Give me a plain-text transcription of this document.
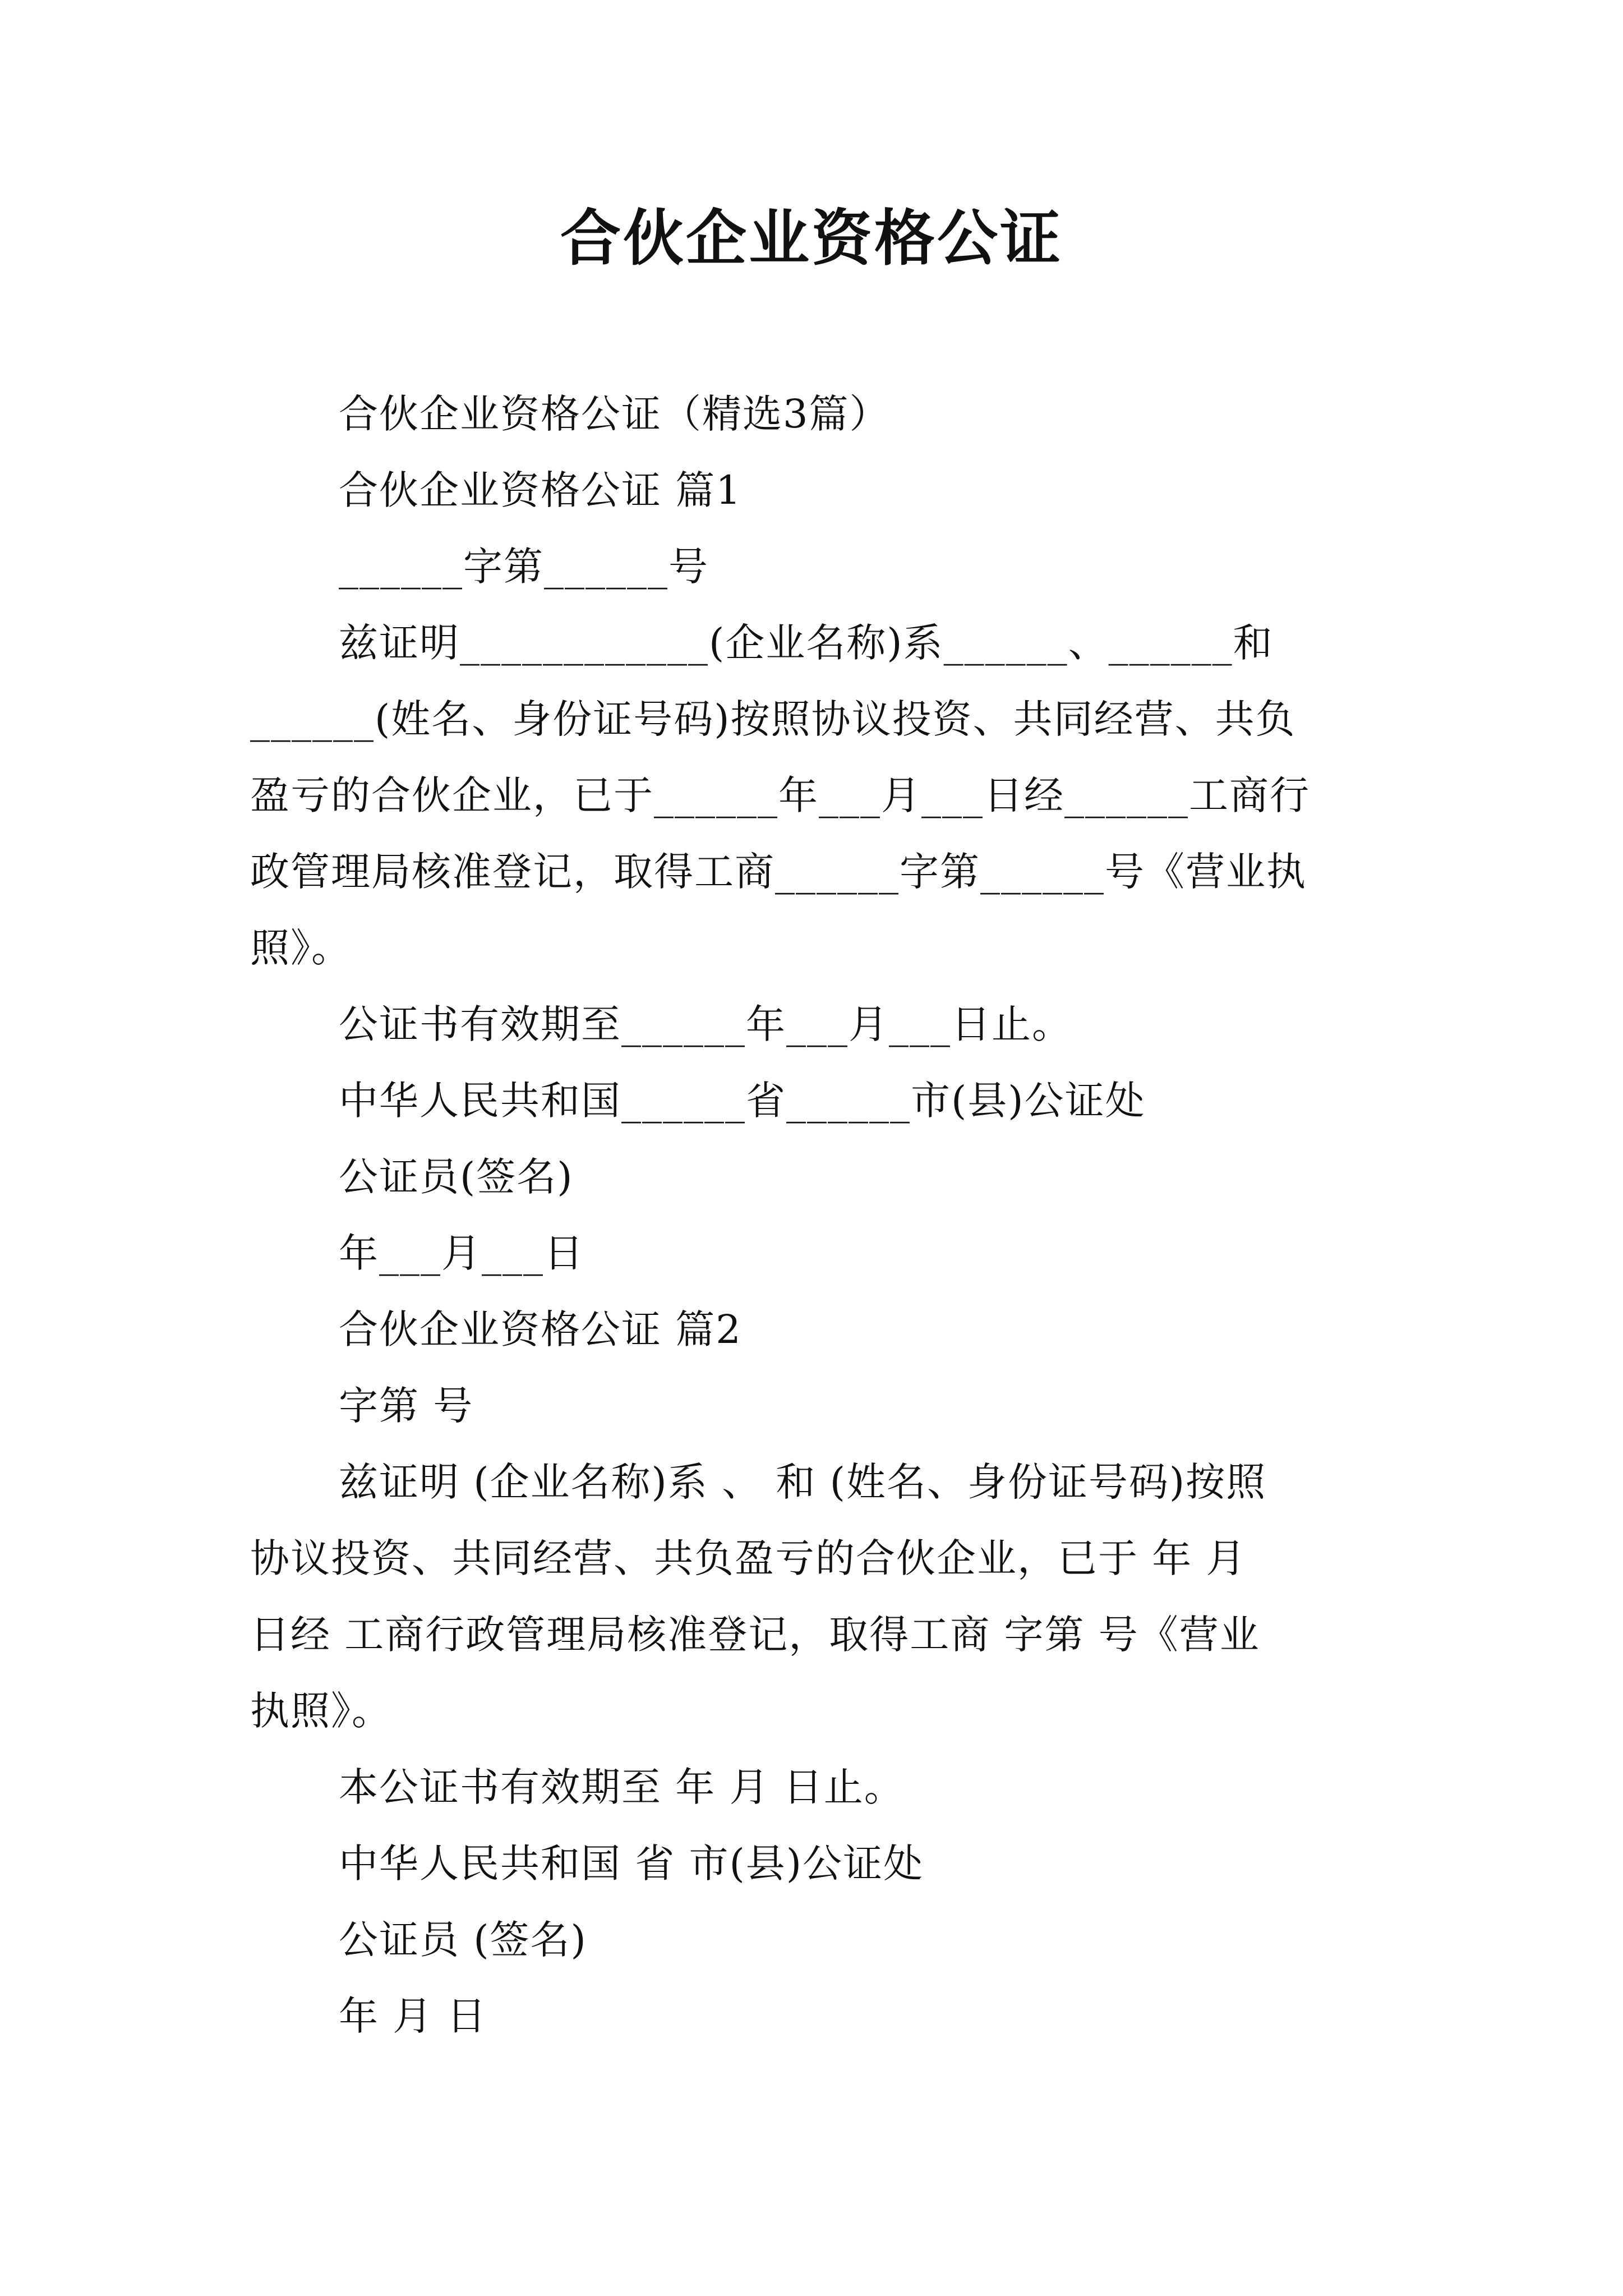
合伙企业资格公证
合伙企业资格公证（精选3篇）
合伙企业资格公证 篇1
______字第______号
兹证明____________(企业名称)系______、______和
______(姓名、身份证号码)按照协议投资、共同经营、共负
盈亏的合伙企业，已于______年___月___日经______工商行
政管理局核准登记，取得工商______字第______号《营业执
照》。
公证书有效期至______年___月___日止。
中华人民共和国______省______市(县)公证处
公证员(签名)
年___月___日
合伙企业资格公证 篇2
字第 号
兹证明 (企业名称)系 、 和 (姓名、身份证号码)按照
协议投资、共同经营、共负盈亏的合伙企业，已于 年 月
日经 工商行政管理局核准登记，取得工商 字第 号《营业
执照》。
本公证书有效期至 年 月 日止。
中华人民共和国 省 市(县)公证处
公证员 (签名)
年 月 日
